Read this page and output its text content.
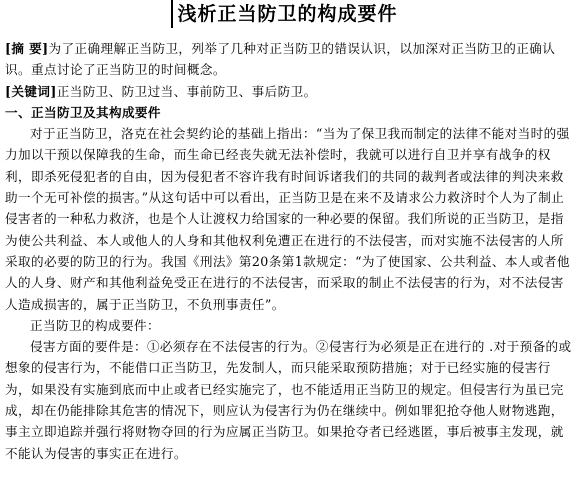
浅析正当防卫的构成要件

[摘 要]为了正确理解正当防卫，列举了几种对正当防卫的错误认识，以加深对正当防卫的正确认识。重点讨论了正当防卫的时间概念。

[关键词]正当防卫、防卫过当、事前防卫、事后防卫。

一、正当防卫及其构成要件

对于正当防卫，洛克在社会契约论的基础上指出：“当为了保卫我而制定的法律不能对当时的强力加以干预以保障我的生命，而生命已经丧失就无法补偿时，我就可以进行自卫并享有战争的权利，即杀死侵犯者的自由，因为侵犯者不容许我有时间诉诸我们的共同的裁判者或法律的判决来救助一个无可补偿的损害。”从这句话中可以看出，正当防卫是在来不及请求公力救济时个人为了制止侵害者的一种私力救济，也是个人让渡权力给国家的一种必要的保留。我们所说的正当防卫，是指为使公共利益、本人或他人的人身和其他权利免遭正在进行的不法侵害，而对实施不法侵害的人所采取的必要的防卫的行为。我国《刑法》第20条第1款规定：“为了使国家、公共利益、本人或者他人的人身、财产和其他利益免受正在进行的不法侵害，而采取的制止不法侵害的行为，对不法侵害人造成损害的，属于正当防卫，不负刑事责任”。

正当防卫的构成要件：

侵害方面的要件是：①必须存在不法侵害的行为。②侵害行为必须是正在进行的 .对于预备的或想象的侵害行为，不能借口正当防卫，先发制人，而只能采取预防措施；对于已经实施的侵害行为，如果没有实施到底而中止或者已经实施完了，也不能适用正当防卫的规定。但侵害行为虽已完成，却在仍能排除其危害的情况下，则应认为侵害行为仍在继续中。例如罪犯抢夺他人财物逃跑，事主立即追踪并强行将财物夺回的行为应属正当防卫。如果抢夺者已经逃匿，事后被事主发现，就不能认为侵害的事实正在进行。
